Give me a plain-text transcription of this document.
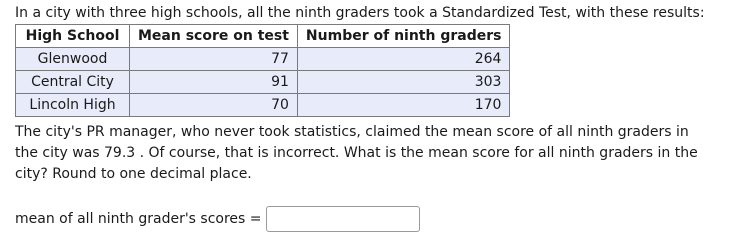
In a city with three high schools, all the ninth graders took a Standardized Test, with these results:
High School	Mean score on test	Number of ninth graders
Glenwood	77	264
Central City	91	303
Lincoln High	70	170
The city's PR manager, who never took statistics, claimed the mean score of all ninth graders in the city was 79.3 . Of course, that is incorrect. What is the mean score for all ninth graders in the city? Round to one decimal place.
mean of all ninth grader's scores =
